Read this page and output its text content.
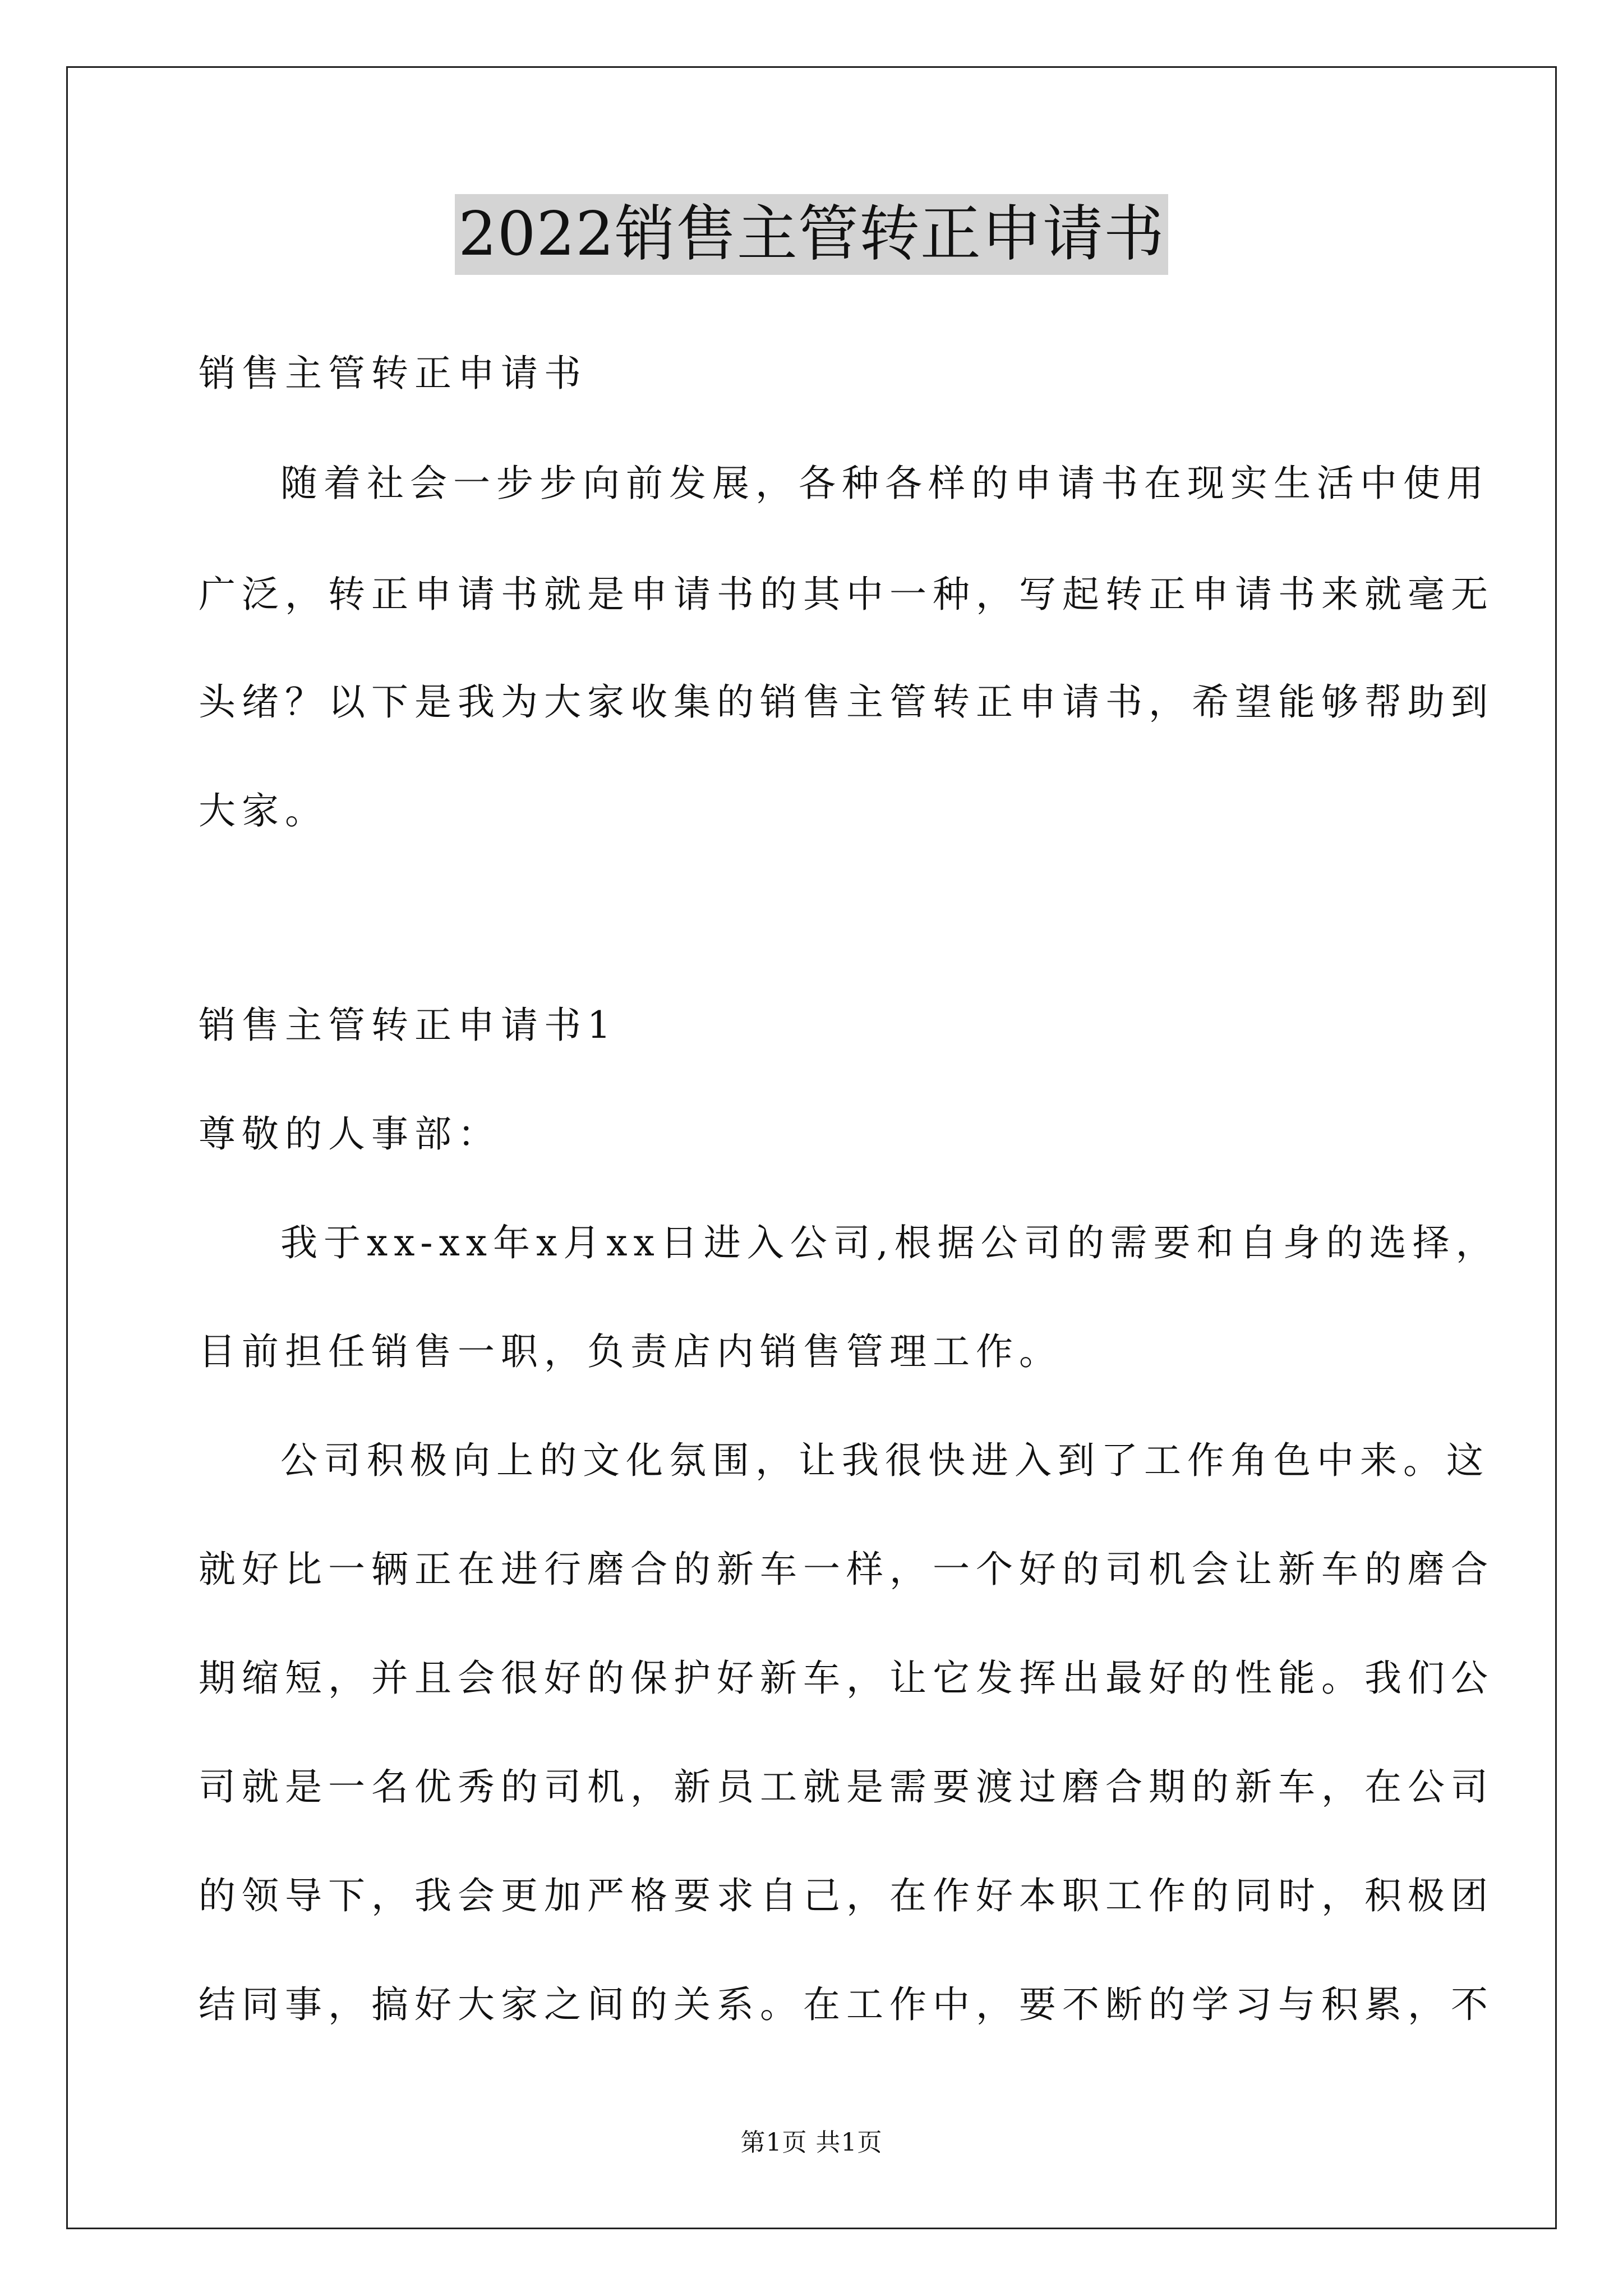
2022销售主管转正申请书
销售主管转正申请书
随着社会一步步向前发展，各种各样的申请书在现实生活中使用
广泛，转正申请书就是申请书的其中一种，写起转正申请书来就毫无
头绪？以下是我为大家收集的销售主管转正申请书，希望能够帮助到
大家。
销售主管转正申请书1
尊敬的人事部：
我于xx-xx年x月xx日进入公司,根据公司的需要和自身的选择，
目前担任销售一职，负责店内销售管理工作。
公司积极向上的文化氛围，让我很快进入到了工作角色中来。这
就好比一辆正在进行磨合的新车一样，一个好的司机会让新车的磨合
期缩短，并且会很好的保护好新车，让它发挥出最好的性能。我们公
司就是一名优秀的司机，新员工就是需要渡过磨合期的新车，在公司
的领导下，我会更加严格要求自己，在作好本职工作的同时，积极团
结同事，搞好大家之间的关系。在工作中，要不断的学习与积累，不
第1页 共1页
